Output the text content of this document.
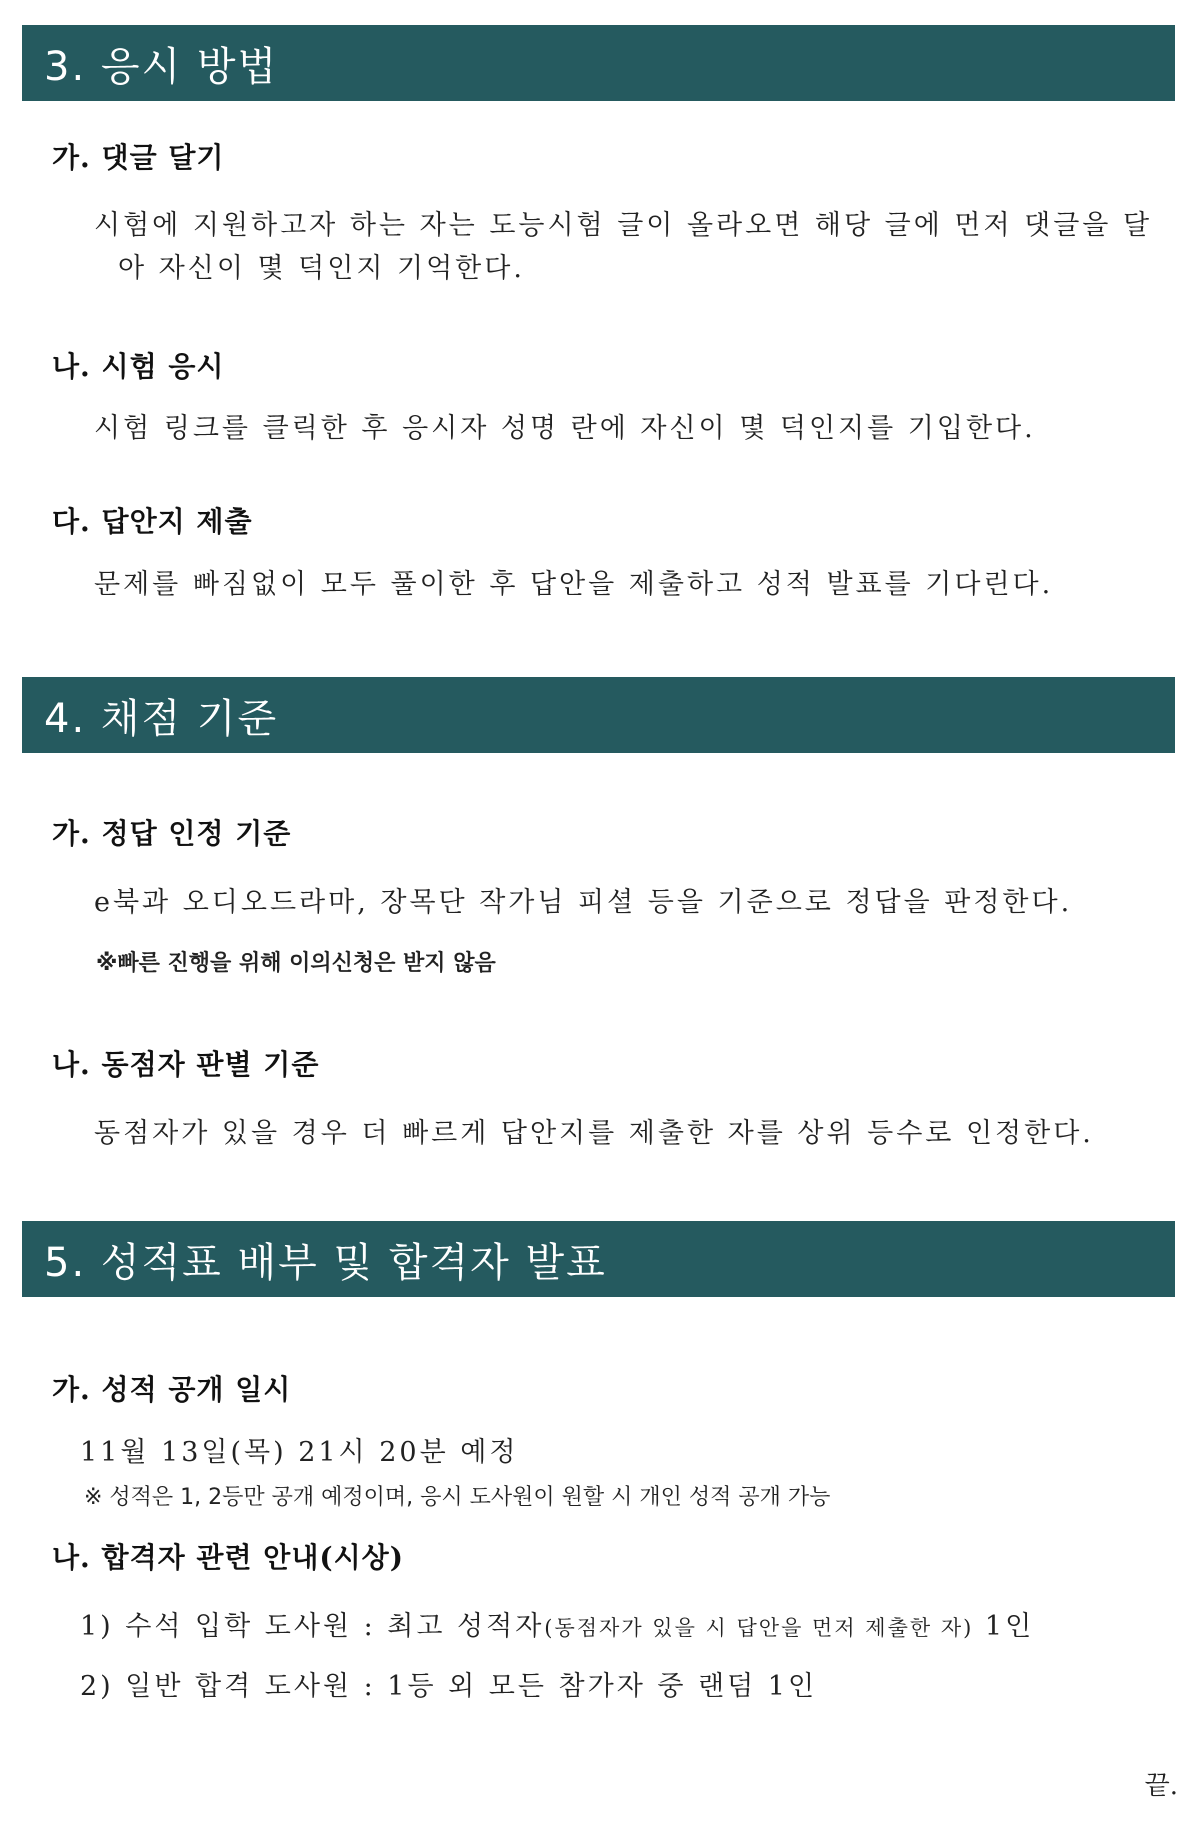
3. 응시 방법
가. 댓글 달기
시험에 지원하고자 하는 자는 도능시험 글이 올라오면 해당 글에 먼저 댓글을 달
아 자신이 몇 덕인지 기억한다.
나. 시험 응시
시험 링크를 클릭한 후 응시자 성명 란에 자신이 몇 덕인지를 기입한다.
다. 답안지 제출
문제를 빠짐없이 모두 풀이한 후 답안을 제출하고 성적 발표를 기다린다.
4. 채점 기준
가. 정답 인정 기준
e북과 오디오드라마, 장목단 작가님 피셜 등을 기준으로 정답을 판정한다.
※빠른 진행을 위해 이의신청은 받지 않음
나. 동점자 판별 기준
동점자가 있을 경우 더 빠르게 답안지를 제출한 자를 상위 등수로 인정한다.
5. 성적표 배부 및 합격자 발표
가. 성적 공개 일시
11월 13일(목) 21시 20분 예정
※ 성적은 1, 2등만 공개 예정이며, 응시 도사원이 원할 시 개인 성적 공개 가능
나. 합격자 관련 안내(시상)
1) 수석 입학 도사원 : 최고 성적자(동점자가 있을 시 답안을 먼저 제출한 자) 1인
2) 일반 합격 도사원 : 1등 외 모든 참가자 중 랜덤 1인
끝.
